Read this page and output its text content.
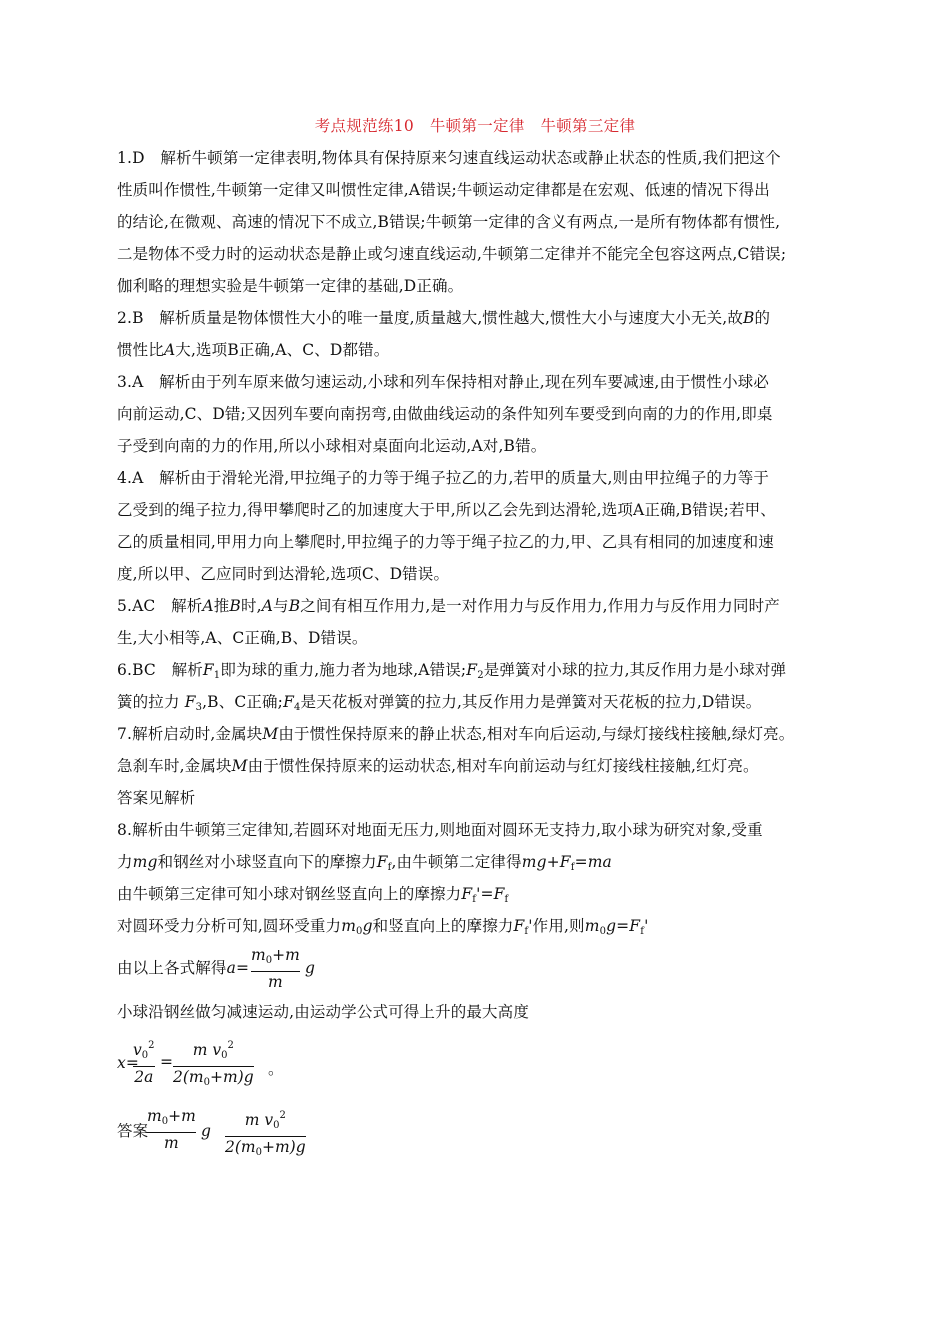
考点规范练10　牛顿第一定律　牛顿第三定律
1.D　解析牛顿第一定律表明,物体具有保持原来匀速直线运动状态或静止状态的性质,我们把这个
性质叫作惯性,牛顿第一定律又叫惯性定律,A错误;牛顿运动定律都是在宏观、低速的情况下得出
的结论,在微观、高速的情况下不成立,B错误;牛顿第一定律的含义有两点,一是所有物体都有惯性,
二是物体不受力时的运动状态是静止或匀速直线运动,牛顿第二定律并不能完全包容这两点,C错误;
伽利略的理想实验是牛顿第一定律的基础,D正确。
2.B　解析质量是物体惯性大小的唯一量度,质量越大,惯性越大,惯性大小与速度大小无关,故B的
惯性比A大,选项B正确,A、C、D都错。
3.A　解析由于列车原来做匀速运动,小球和列车保持相对静止,现在列车要减速,由于惯性小球必
向前运动,C、D错;又因列车要向南拐弯,由做曲线运动的条件知列车要受到向南的力的作用,即桌
子受到向南的力的作用,所以小球相对桌面向北运动,A对,B错。
4.A　解析由于滑轮光滑,甲拉绳子的力等于绳子拉乙的力,若甲的质量大,则由甲拉绳子的力等于
乙受到的绳子拉力,得甲攀爬时乙的加速度大于甲,所以乙会先到达滑轮,选项A正确,B错误;若甲、
乙的质量相同,甲用力向上攀爬时,甲拉绳子的力等于绳子拉乙的力,甲、乙具有相同的加速度和速
度,所以甲、乙应同时到达滑轮,选项C、D错误。
5.AC　解析A推B时,A与B之间有相互作用力,是一对作用力与反作用力,作用力与反作用力同时产
生,大小相等,A、C正确,B、D错误。
6.BC　解析$F_1$即为球的重力,施力者为地球,A错误$;F_2$是弹簧对小球的拉力,其反作用力是小球对弹
簧的拉力 $F_3,B$、C正确$;F_4$是天花板对弹簧的拉力,其反作用力是弹簧对天花板的拉力,D错误。
7.解析启动时,金属块M由于惯性保持原来的静止状态,相对车向后运动,与绿灯接线柱接触,绿灯亮。
急刹车时,金属块M由于惯性保持原来的运动状态,相对车向前运动与红灯接线柱接触,红灯亮。
答案见解析
8.解析由牛顿第三定律知,若圆环对地面无压力,则地面对圆环无支持力,取小球为研究对象,受重
力mg和钢丝对小球竖直向下的摩擦力$F_f$,由牛顿第二定律得$mg+F_f=ma$
由牛顿第三定律可知小球对钢丝竖直向上的摩擦力$F_f'=F_f$
对圆环受力分析可知,圆环受重力$m_0g$和竖直向上的摩擦力$F_f'$作用,则$m_0g=F_f'$
由以上各式解得a=
m0+m
m
g
小球沿钢丝做匀减速运动,由运动学公式可得上升的最大高度
x=
$v0^2$
2a
=
m $v0^2$
2(m0+m)g 。
答案
m0+m
m
g
m $v0^2$
2(m0+m)g
